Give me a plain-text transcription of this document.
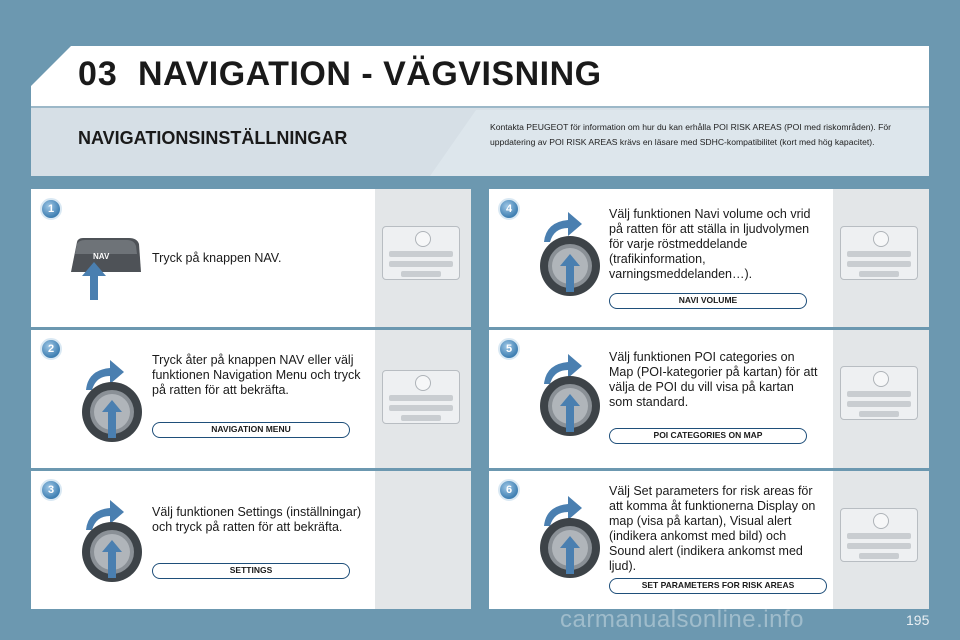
03 NAVIGATION - VÄGVISNING
NAVIGATIONSINSTÄLLNINGAR
Kontakta PEUGEOT för information om hur du kan erhålla POI RISK AREAS (POI med riskområden). För uppdatering av POI RISK AREAS krävs en läsare med SDHC-kompatibilitet (kort med hög kapacitet).
1
NAV	Tryck på knappen NAV.
2
Tryck åter på knappen NAV eller välj funktionen Navigation Menu och tryck på ratten för att bekräfta.
NAVIGATION MENU
3
Välj funktionen Settings (inställningar) och tryck på ratten för att bekräfta.
SETTINGS
4	Välj funktionen Navi volume och vrid på ratten för att ställa in ljudvolymen för varje röstmeddelande (trafikinformation, varningsmeddelanden…).
NAVI VOLUME
5
Välj funktionen POI categories on Map (POI-kategorier på kartan) för att välja de POI du vill visa på kartan som standard.
POI CATEGORIES ON MAP
6	Välj Set parameters for risk areas för att komma åt funktionerna Display on map (visa på kartan), Visual alert (indikera ankomst med bild) och Sound alert (indikera ankomst med ljud).
SET PARAMETERS FOR RISK AREAS
carmanualsonline.info	195
